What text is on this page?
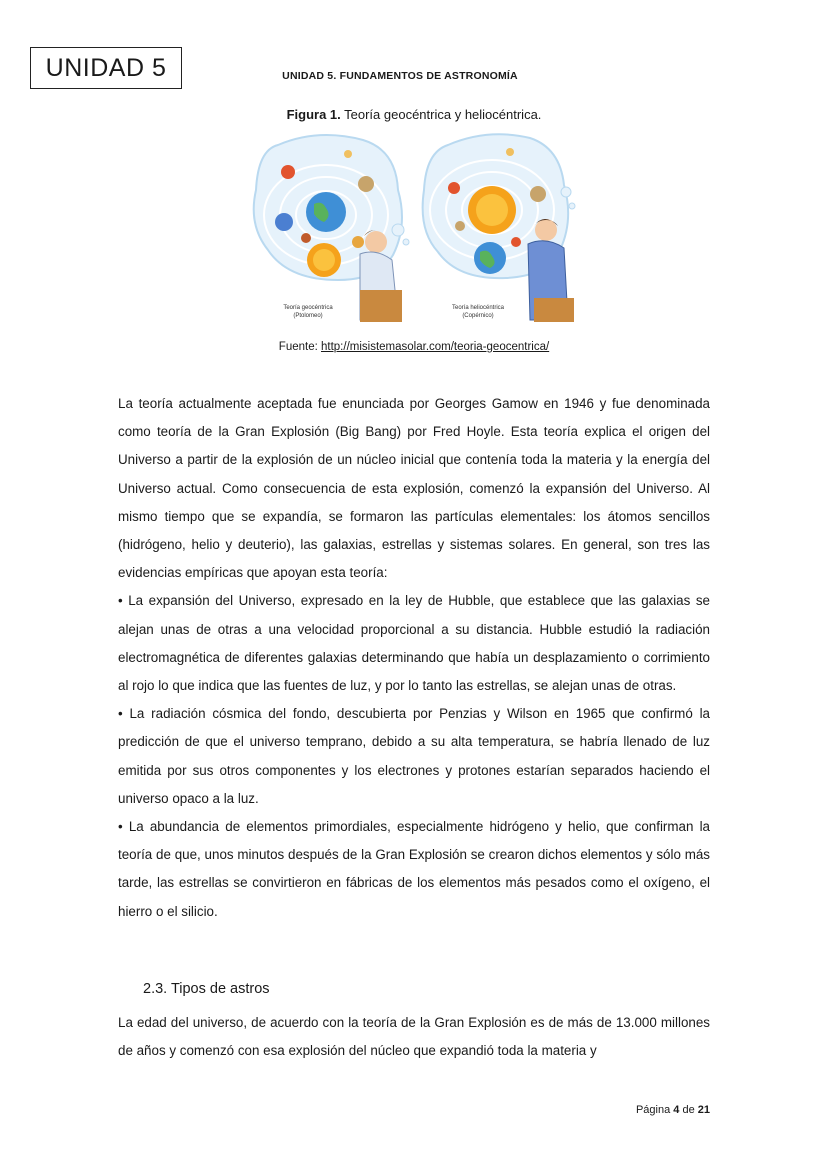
UNIDAD 5	UNIDAD 5. FUNDAMENTOS DE ASTRONOMÍA
Figura 1. Teoría geocéntrica y heliocéntrica.
Teoría geocéntrica
(Ptolomeo)
Teoría heliocéntrica
(Copérnico)
Fuente: http://misistemasolar.com/teoria-geocentrica/

La teoría actualmente aceptada fue enunciada por Georges Gamow en 1946 y fue denominada como teoría de la Gran Explosión (Big Bang) por Fred Hoyle. Esta teoría explica el origen del Universo a partir de la explosión de un núcleo inicial que contenía toda la materia y la energía del Universo actual. Como consecuencia de esta explosión, comenzó la expansión del Universo. Al mismo tiempo que se expandía, se formaron las partículas elementales: los átomos sencillos (hidrógeno, helio y deuterio), las galaxias, estrellas y sistemas solares. En general, son tres las evidencias empíricas que apoyan esta teoría:

• La expansión del Universo, expresado en la ley de Hubble, que establece que las galaxias se alejan unas de otras a una velocidad proporcional a su distancia. Hubble estudió la radiación electromagnética de diferentes galaxias determinando que había un desplazamiento o corrimiento al rojo lo que indica que las fuentes de luz, y por lo tanto las estrellas, se alejan unas de otras.

• La radiación cósmica del fondo, descubierta por Penzias y Wilson en 1965 que confirmó la predicción de que el universo temprano, debido a su alta temperatura, se habría llenado de luz emitida por sus otros componentes y los electrones y protones estarían separados haciendo el universo opaco a la luz.

• La abundancia de elementos primordiales, especialmente hidrógeno y helio, que confirman la teoría de que, unos minutos después de la Gran Explosión se crearon dichos elementos y sólo más tarde, las estrellas se convirtieron en fábricas de los elementos más pesados como el oxígeno, el hierro o el silicio.

2.3. Tipos de astros
La edad del universo, de acuerdo con la teoría de la Gran Explosión es de más de 13.000 millones de años y comenzó con esa explosión del núcleo que expandió toda la materia y
Página 4 de 21
